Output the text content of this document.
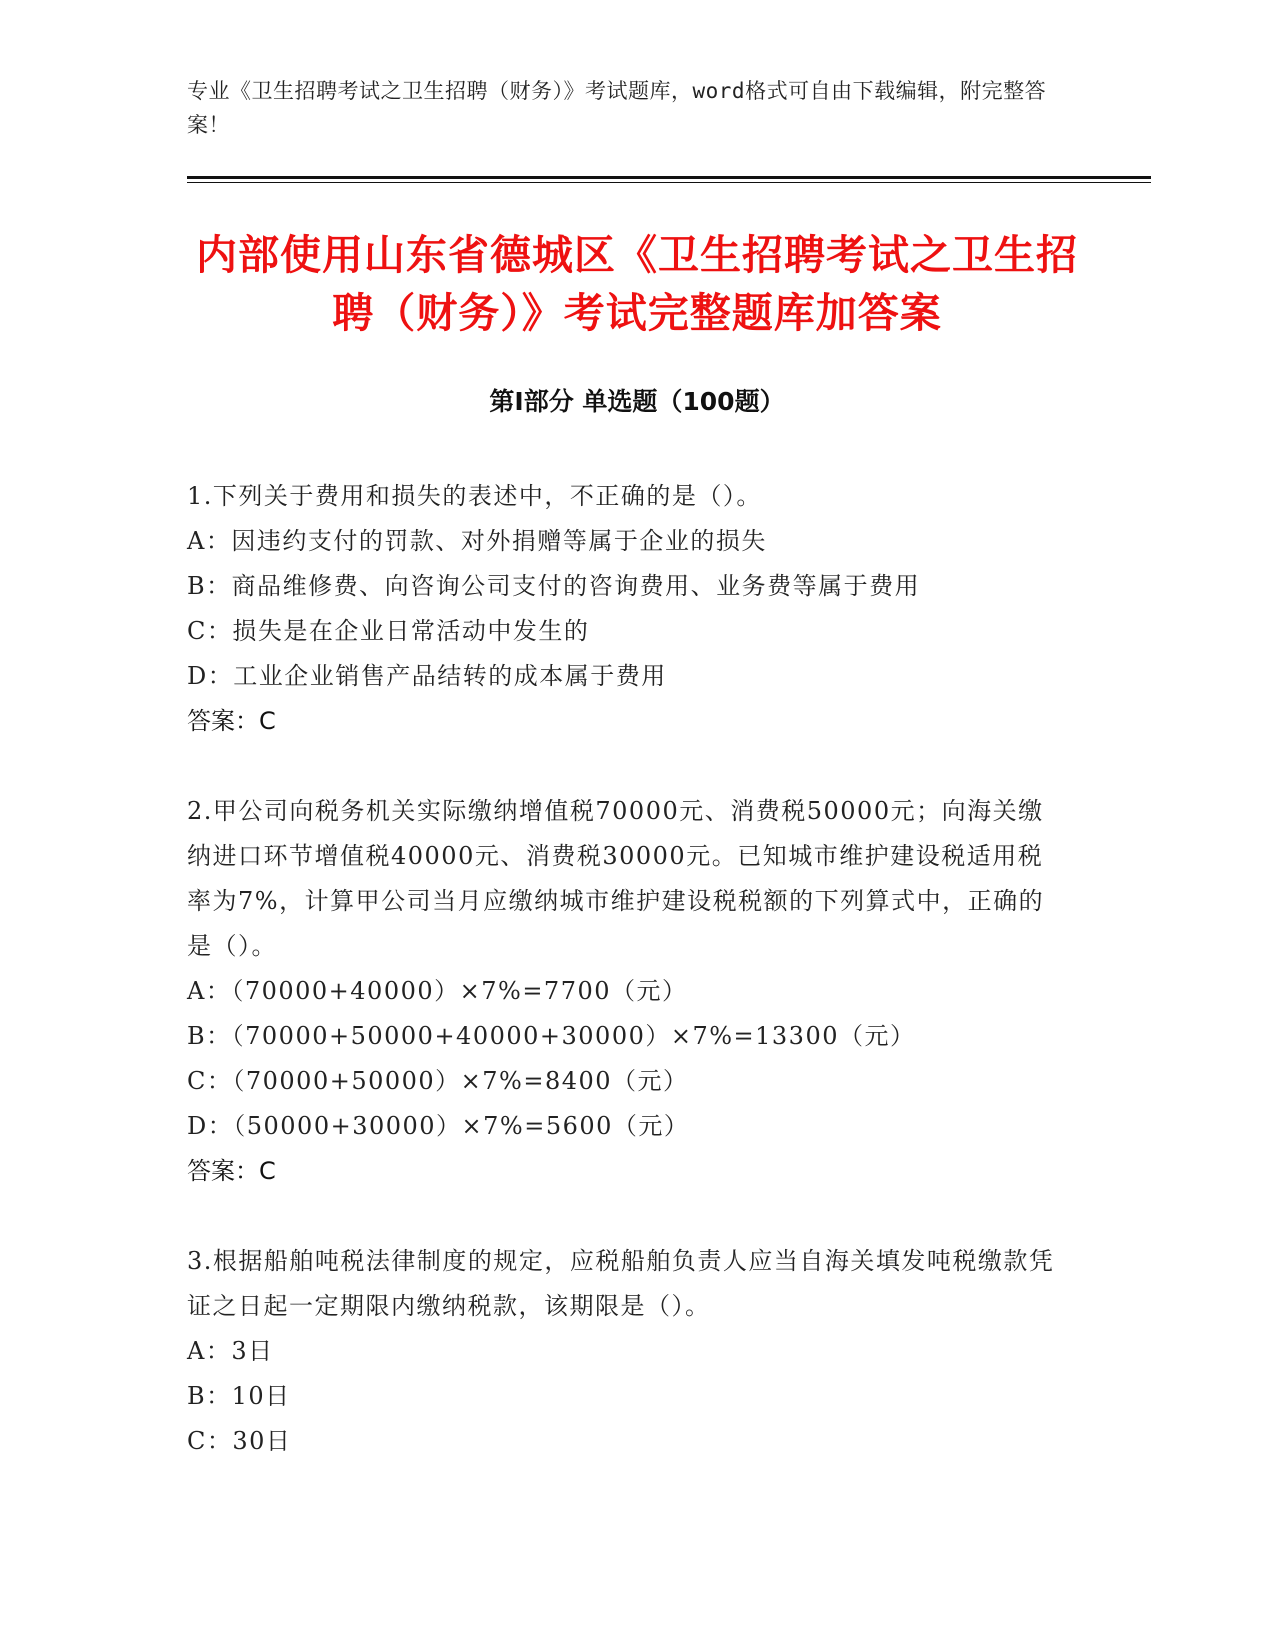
专业《卫生招聘考试之卫生招聘（财务）》考试题库，word格式可自由下载编辑，附完整答案！
内部使用山东省德城区《卫生招聘考试之卫生招聘（财务）》考试完整题库加答案
第Ⅰ部分 单选题（100题）
1.下列关于费用和损失的表述中，不正确的是（）。
A：因违约支付的罚款、对外捐赠等属于企业的损失
B：商品维修费、向咨询公司支付的咨询费用、业务费等属于费用
C：损失是在企业日常活动中发生的
D：工业企业销售产品结转的成本属于费用
答案：C
2.甲公司向税务机关实际缴纳增值税70000元、消费税50000元；向海关缴纳进口环节增值税40000元、消费税30000元。已知城市维护建设税适用税率为7%，计算甲公司当月应缴纳城市维护建设税税额的下列算式中，正确的是（）。
A：（70000+40000）×7%=7700（元）
B：（70000+50000+40000+30000）×7%=13300（元）
C：（70000+50000）×7%=8400（元）
D：（50000+30000）×7%=5600（元）
答案：C
3.根据船舶吨税法律制度的规定，应税船舶负责人应当自海关填发吨税缴款凭证之日起一定期限内缴纳税款，该期限是（）。
A：3日
B：10日
C：30日
